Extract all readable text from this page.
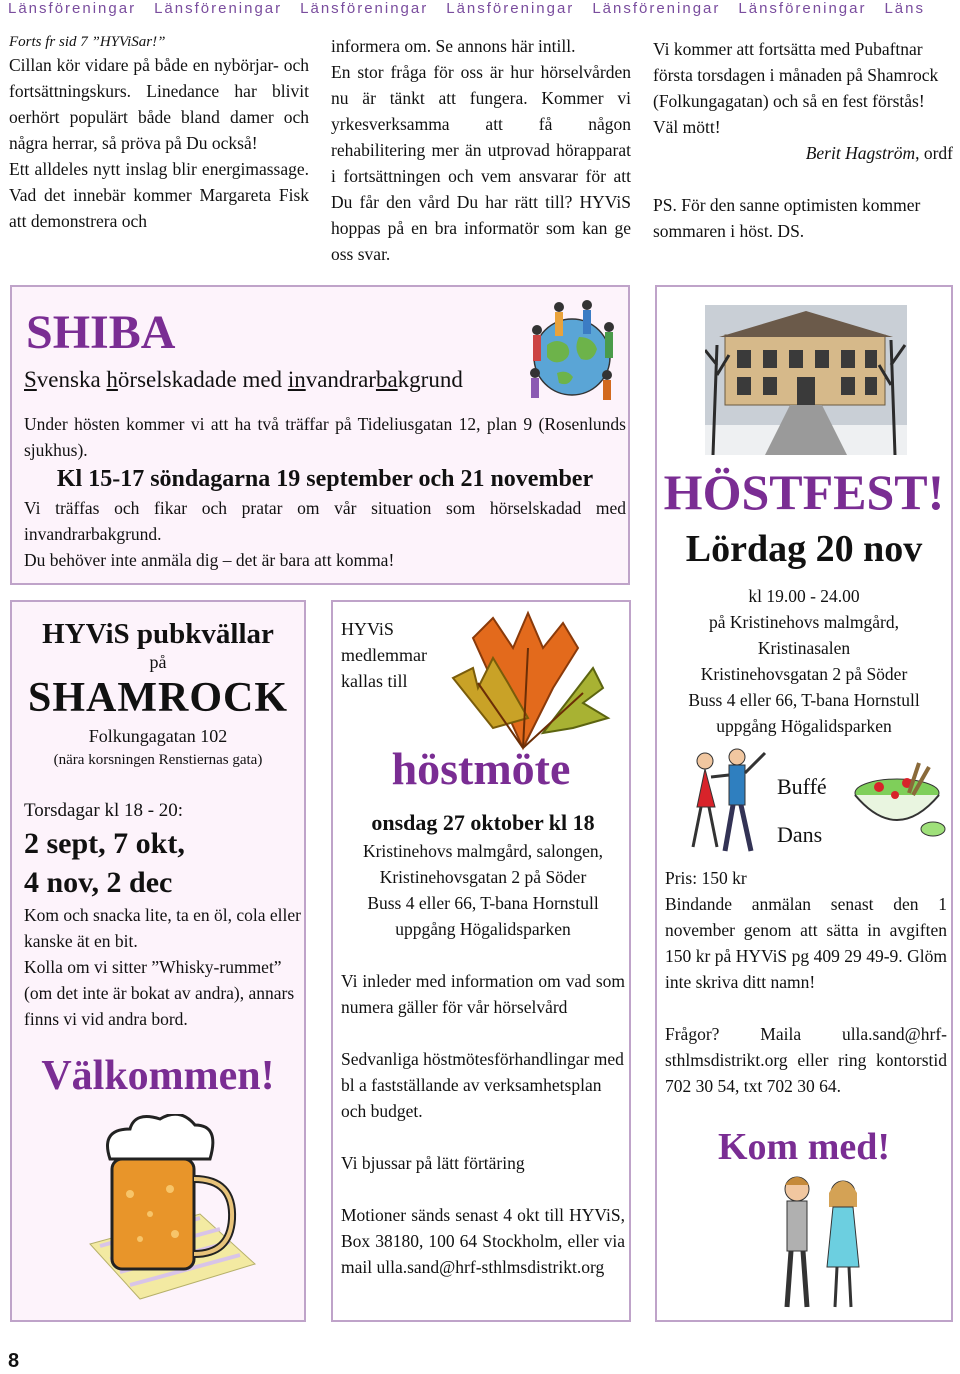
Länsföreningar Länsföreningar Länsföreningar Länsföreningar Länsföreningar Länsföreningar Läns

Forts fr sid 7 ”HYViSar!”

Cillan kör vidare på både en nybörjar- och fortsättningskurs. Linedance har blivit oerhört populärt både bland damer och några herrar, så pröva på Du också!

Ett alldeles nytt inslag blir energimassage. Vad det innebär kommer Margareta Fisk att demonstrera och

informera om. Se annons här intill.

En stor fråga för oss är hur hörselvården nu är tänkt att fungera. Kommer vi yrkesverksamma att få någon rehabilitering mer än utprovad hörapparat i fortsättningen och vem ansvarar för att Du får den vård Du har rätt till? HYViS hoppas på en bra informatör som kan ge oss svar.

Vi kommer att fortsätta med Pubaftnar första torsdagen i månaden på Shamrock (Folkungagatan) och så en fest förstås!

Väl mött!

Berit Hagström, ordf

PS. För den sanne optimisten kommer sommaren i höst. DS.

SHIBA
Svenska hörselskadade med invandrarbakgrund

Under hösten kommer vi att ha två träffar på Tideliusgatan 12, plan 9 (Rosenlunds sjukhus).

Kl 15-17 söndagarna 19 september och 21 november

Vi träffas och fikar och pratar om vår situation som hörselskadad med invandrarbakgrund.

Du behöver inte anmäla dig – det är bara att komma!

HYViS pubkvällar
på
SHAMROCK
Folkungagatan 102
(nära korsningen Renstiernas gata)

Torsdagar kl 18 - 20:

2 sept, 7 okt,

4 nov, 2 dec

Kom och snacka lite, ta en öl, cola eller kanske ät en bit.

Kolla om vi sitter ”Whisky-rummet” (om det inte är bokat av andra), annars finns vi vid andra bord.

Välkommen!
HYViS medlemmar kallas till
höstmöte

onsdag 27 oktober kl 18

Kristinehovs malmgård, salongen,

Kristinehovsgatan 2 på Söder

Buss 4 eller 66, T-bana Hornstull

uppgång Högalidsparken

Vi inleder med information om vad som numera gäller för vår hörselvård

Sedvanliga höstmötesförhandlingar med bl a fastställande av verksamhetsplan och budget.

Vi bjussar på lätt förtäring

Motioner sänds senast 4 okt till HYViS, Box 38180, 100 64 Stockholm, eller via mail ulla.sand@hrf-sthlmsdistrikt.org

HÖSTFEST!
Lördag 20 nov

kl 19.00 - 24.00

på Kristinehovs malmgård,

Kristinasalen

Kristinehovsgatan 2 på Söder

Buss 4 eller 66, T-bana Hornstull

uppgång Högalidsparken

Buffé

Dans

Pris: 150 kr

Bindande anmälan senast den 1 november genom att sätta in avgiften 150 kr på HYViS pg 409 29 49-9. Glöm inte skriva ditt namn!

Frågor? Maila ulla.sand@hrf-sthlmsdistrikt.org eller ring kontorstid 702 30 54, txt 702 30 64.

Kom med!
8
